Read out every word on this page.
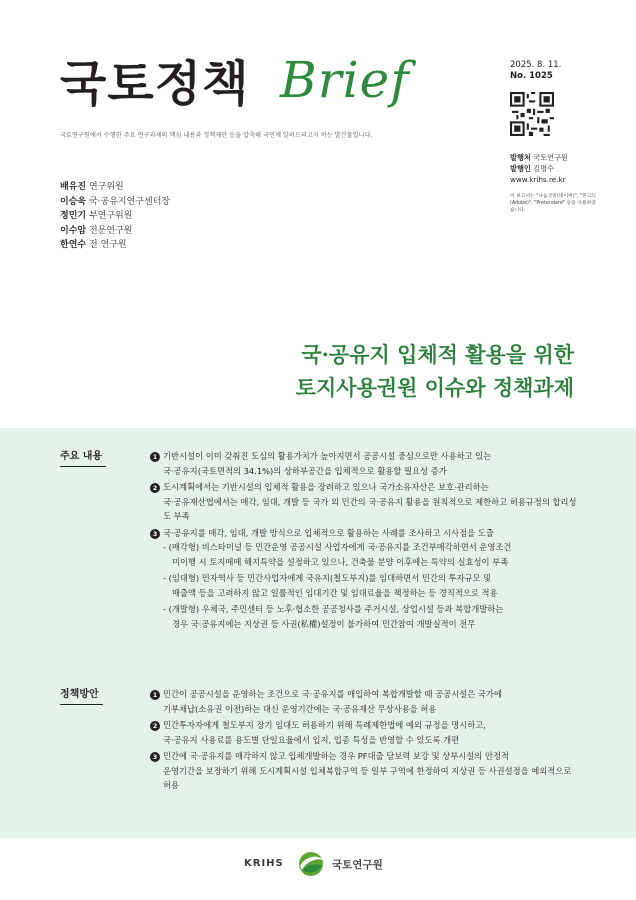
국토정책 Brief
국토연구원에서 수행한 주요 연구과제의 핵심 내용과 정책제안 등을 압축해 국민께 알려드리고자 하는 발간물입니다.
2025. 8. 11.
No. 1025
발행처 국토연구원
발행인 김명수
www.krihs.re.kr
이 보고서는 "나눔글꼴(네이버)", "본고딕(Adobe)", "Pretendard" 등을 사용하였습니다.
배유진 연구위원
이승욱 국·공유지연구센터장
정민기 부연구위원
이수암 전문연구원
한연수 전 연구원
국·공유지 입체적 활용을 위한
토지사용권원 이슈와 정책과제
주요 내용	1 기반시설이 이미 갖춰진 도심의 활용가치가 높아지면서 공공시설 중심으로만 사용하고 있는
국·공유지(국토면적의 34.1%)의 상하부공간을 입체적으로 활용할 필요성 증가
2 도시계획에서는 기반시설의 입체적 활용을 장려하고 있으나 국가소유자산은 보호·관리하는
국·공유재산법에서는 매각, 임대, 개발 등 국가 외 민간의 국·공유지 활용을 원칙적으로 제한하고 허용규정의 합리성도 부족
3 국·공유지를 매각, 임대, 개발 방식으로 입체적으로 활용하는 사례를 조사하고 시사점을 도출
- (매각형) 비스타미널 등 민간운영 공공시설 사업자에게 국·공유지를 조건부매각하면서 운영조건
미이행 시 토지매매 해지특약을 설정하고 있으나, 건축물 분양 이후에는 특약의 실효성이 부족
- (임대형) 민자역사 등 민간사업자에게 국유지(철도부지)를 임대하면서 민간의 투자규모 및
매출액 등을 고려하지 않고 일률적인 임대기간 및 임대료율을 책정하는 등 경직적으로 적용
- (개발형) 우체국, 주민센터 등 노후·협소한 공공청사를 주거시설, 상업시설 등과 복합개발하는
경우 국·공유지에는 지상권 등 사권(私權)설정이 불가하여 민간참여 개발실적이 전무
정책방안	1 민간이 공공시설을 운영하는 조건으로 국·공유지를 매입하여 복합개발할 때 공공시설은 국가에
기부채납(소유권 이전)하는 대신 운영기간에는 국·공유재산 무상사용을 허용
2 민간투자자에게 철도부지 장기 임대도 허용하기 위해 특례제한법에 예외 규정을 명시하고,
국·공유지 사용료를 용도별 단일요율에서 입지, 업종 특성을 반영할 수 있도록 개편
3 민간에 국·공유지를 매각하지 않고 입체개발하는 경우 PF대출 담보력 보강 및 상부시설의 안정적
운영기간을 보장하기 위해 도시계획시설 입체복합구역 등 일부 구역에 한정하여 지상권 등 사권설정을 예외적으로 허용
KRIHS	국토연구원
